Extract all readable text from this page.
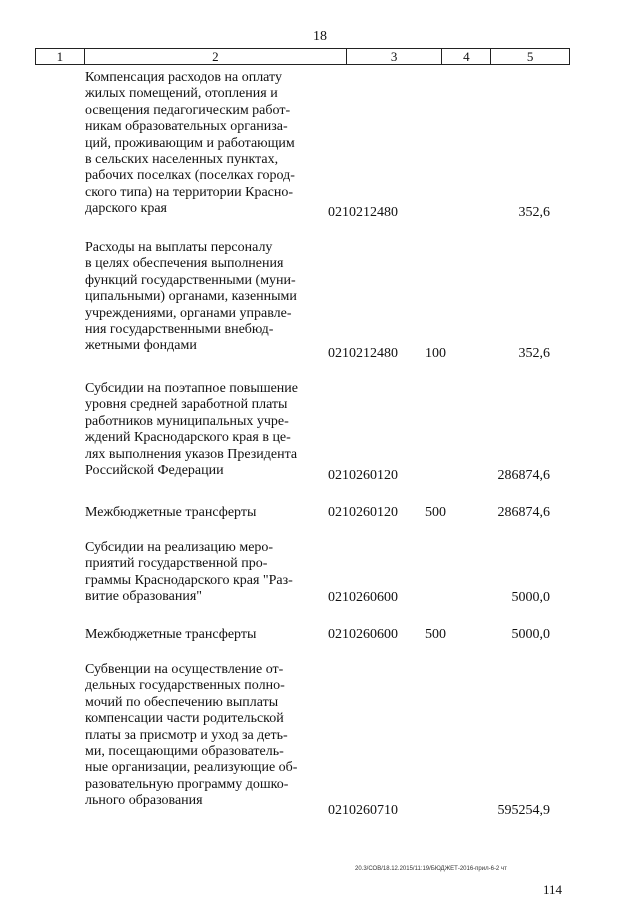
18
1	2	3	4	5
Компенсация расходов на оплату
жилых помещений, отопления и
освещения педагогическим работ-
никам образовательных организа-
ций, проживающим и работающим
в сельских населенных пунктах,
рабочих поселках (поселках город-
ского типа) на территории Красно-
дарского края	0210212480	352,6
Расходы на выплаты персоналу
в целях обеспечения выполнения
функций государственными (муни-
ципальными) органами, казенными
учреждениями, органами управле-
ния государственными внебюд-
жетными фондами
0210212480 100	352,6
Субсидии на поэтапное повышение
уровня средней заработной платы
работников муниципальных учре-
ждений Краснодарского края в це-
лях выполнения указов Президента
Российской Федерации	0210260120	286874,6
Межбюджетные трансферты	0210260120 500	286874,6
Субсидии на реализацию меро-
приятий государственной про-
граммы Краснодарского края "Раз-
витие образования"	0210260600	5000,0
Межбюджетные трансферты	0210260600 500	5000,0
Субвенции на осуществление от-
дельных государственных полно-
мочий по обеспечению выплаты
компенсации части родительской
платы за присмотр и уход за деть-
ми, посещающими образователь-
ные организации, реализующие об-
разовательную программу дошко-
льного образования
0210260710	595254,9
20.3/СОВ/18.12.2015/11:19/БЮДЖЕТ-2016-прил-6-2 чт
114
